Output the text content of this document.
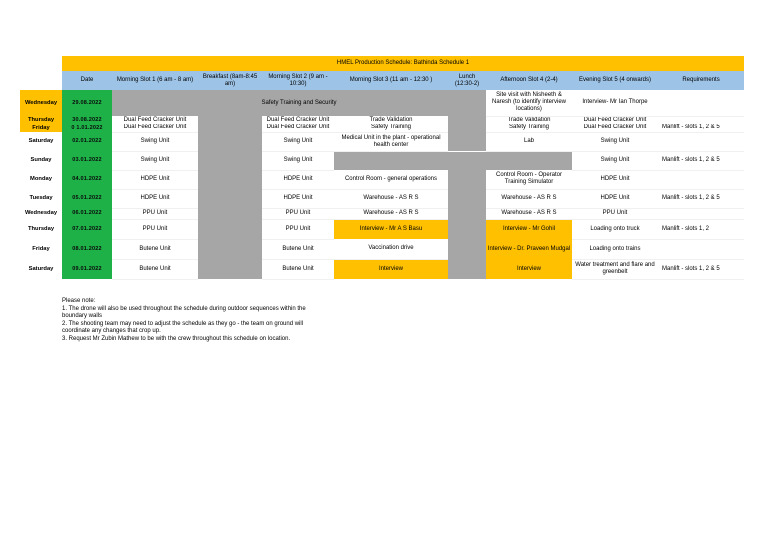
	HMEL Production Schedule: Bathinda Schedule 1								
	Date	Morning Slot 1 (6 am - 8 am)	Breakfast (8am-8:45 am)	Morning Slot 2 (9 am - 10:30)	Morning Slot 3 (11 am - 12:30 )	Lunch (12:30-2)	Afternoon Slot 4 (2-4)	Evening Slot 5 (4 onwards)	Requirements
Wednesday	29.08.2022	Safety Training and Security					Site visit with Nisheeth & Naresh (to identify interview locations)	Interview- Mr Ian Thorpe	
Thursday	30.08.2022	Dual Feed Cracker Unit		Dual Feed Cracker Unit	Trade Validation		Trade Validation	Dual Feed Cracker Unit	
Friday	0 1.01.2022	Dual Feed Cracker Unit		Dual Feed Cracker Unit	Safety Training		Safety Training	Dual Feed Cracker Unit	Manlift - slots 1, 2 & 5
Saturday	02.01.2022	Swing Unit		Swing Unit	Medical Unit in the plant - operational health center		Lab	Swing Unit	
Sunday	03.01.2022	Swing Unit		Swing Unit				Swing Unit	Manlift - slots 1, 2 & 5
Monday	04.01.2022	HDPE Unit		HDPE Unit	Control Room - general operations		Control Room - Operator Training Simulator	HDPE Unit	
Tuesday	05.01.2022	HDPE Unit		HDPE Unit	Warehouse - AS R S		Warehouse - AS R S	HDPE Unit	Manlift - slots 1, 2 & 5
Wednesday	06.01.2022	PPU Unit		PPU Unit	Warehouse - AS R S		Warehouse - AS R S	PPU Unit	
Thursday	07.01.2022	PPU Unit		PPU Unit	Interview - Mr A S Basu		Interview - Mr Gohil	Loading onto truck	Manlift - slots 1, 2
Friday	08.01.2022	Butene Unit		Butene Unit	Vaccination drive		Interview - Dr. Praveen Mudgal	Loading onto trains	
Saturday	09.01.2022	Butene Unit		Butene Unit	Interview		Interview	Water treatment and flare and greenbelt	Manlift - slots 1, 2 & 5
Please note:
1. The drone will also be used throughout the schedule during outdoor sequences within the boundary walls
2. The shooting team may need to adjust the schedule as they go - the team on ground will coordinate any changes that crop up.
3. Request Mr Zubin Mathew to be with the crew throughout this schedule on location.
